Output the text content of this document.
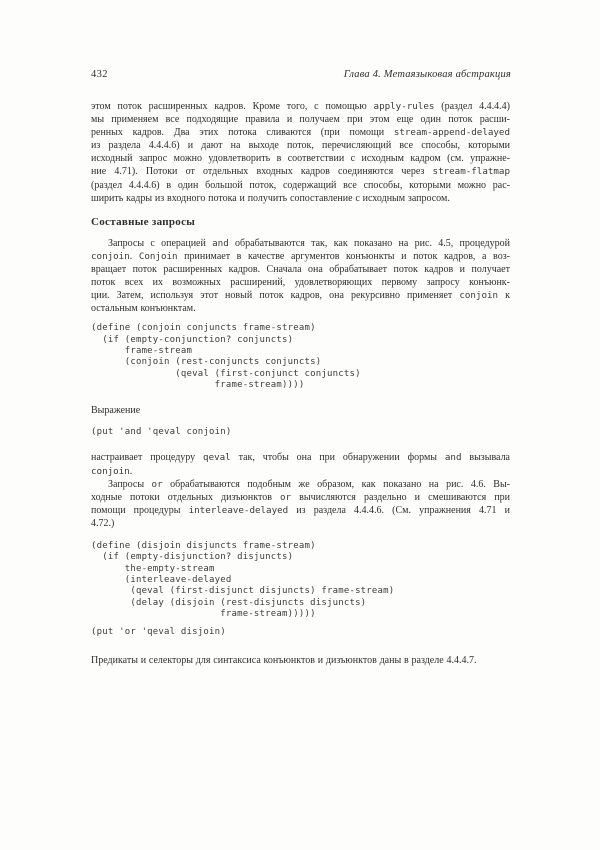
432	Глава 4. Метаязыковая абстракция
этом поток расширенных кадров. Кроме того, с помощью apply-rules (раздел 4.4.4.4)
мы применяем все подходящие правила и получаем при этом еще один поток расши-
ренных кадров. Два этих потока сливаются (при помощи stream-append-delayed
из раздела 4.4.4.6) и дают на выходе поток, перечисляющий все способы, которыми
исходный запрос можно удовлетворить в соответствии с исходным кадром (см. упражне-
ние 4.71). Потоки от отдельных входных кадров соединяются через stream-flatmap
(раздел 4.4.4.6) в один большой поток, содержащий все способы, которыми можно рас-
ширить кадры из входного потока и получить сопоставление с исходным запросом.
Составные запросы
Запросы с операцией and обрабатываются так, как показано на рис. 4.5, процедурой
conjoin. Conjoin принимает в качестве аргументов конъюнкты и поток кадров, а воз-
вращает поток расширенных кадров. Сначала она обрабатывает поток кадров и получает
поток всех их возможных расширений, удовлетворяющих первому запросу конъюнк-
ции. Затем, используя этот новый поток кадров, она рекурсивно применяет conjoin к
остальным конъюнктам.
(define (conjoin conjuncts frame-stream)
(if (empty-conjunction? conjuncts)
frame-stream
(conjoin (rest-conjuncts conjuncts)
(qeval (first-conjunct conjuncts)
frame-stream))))
Выражение
(put 'and 'qeval conjoin)
настраивает процедуру qeval так, чтобы она при обнаружении формы and вызывала
conjoin.
Запросы or обрабатываются подобным же образом, как показано на рис. 4.6. Вы-
ходные потоки отдельных дизъюнктов or вычисляются раздельно и смешиваются при
помощи процедуры interleave-delayed из раздела 4.4.4.6. (См. упражнения 4.71 и
4.72.)
(define (disjoin disjuncts frame-stream)
(if (empty-disjunction? disjuncts)
the-empty-stream
(interleave-delayed
(qeval (first-disjunct disjuncts) frame-stream)
(delay (disjoin (rest-disjuncts disjuncts)
frame-stream)))))
(put 'or 'qeval disjoin)
Предикаты и селекторы для синтаксиса конъюнктов и дизъюнктов даны в разделе 4.4.4.7.
